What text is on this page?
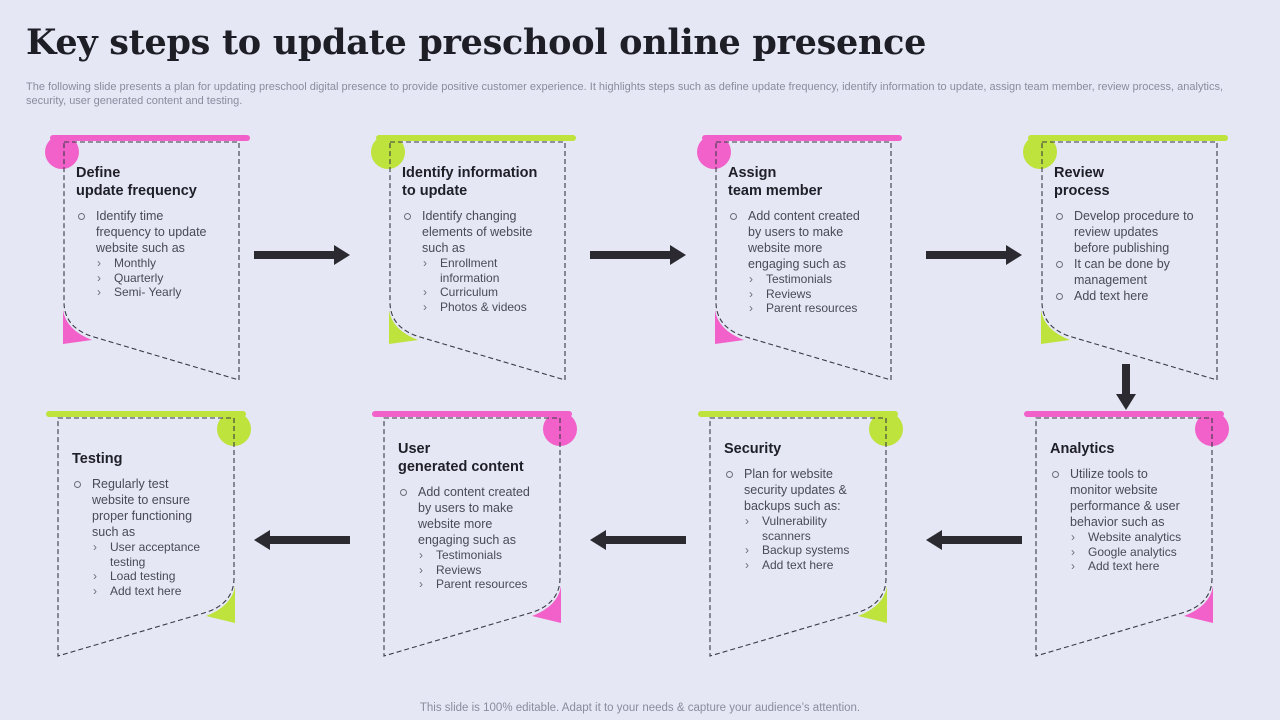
Key steps to update preschool online presence

The following slide presents a plan for updating preschool digital presence to provide positive customer experience. It highlights steps such as define update frequency, identify information to update, assign team member, review process, analytics, security, user generated content and testing.

Define
update frequency
Identify time
frequency to update
website such as
› Monthly
› Quarterly
› Semi- Yearly
Identify information
to update
Identify changing
elements of website
such as
› Enrollment
information
› Curriculum
› Photos & videos
Assign
team member
Add content created
by users to make
website more
engaging such as
› Testimonials
› Reviews
› Parent resources
Review
process
Develop procedure to
review updates
before publishing
It can be done by
management
Add text here
Analytics
Utilize tools to
monitor website
performance & user
behavior such as
› Website analytics
› Google analytics
› Add text here
Security
Plan for website
security updates &
backups such as:
› Vulnerability
scanners
› Backup systems
› Add text here
User
generated content
Add content created
by users to make
website more
engaging such as
› Testimonials
› Reviews
› Parent resources
Testing
Regularly test
website to ensure
proper functioning
such as
› User acceptance
testing
› Load testing
› Add text here
This slide is 100% editable. Adapt it to your needs & capture your audience’s attention.
